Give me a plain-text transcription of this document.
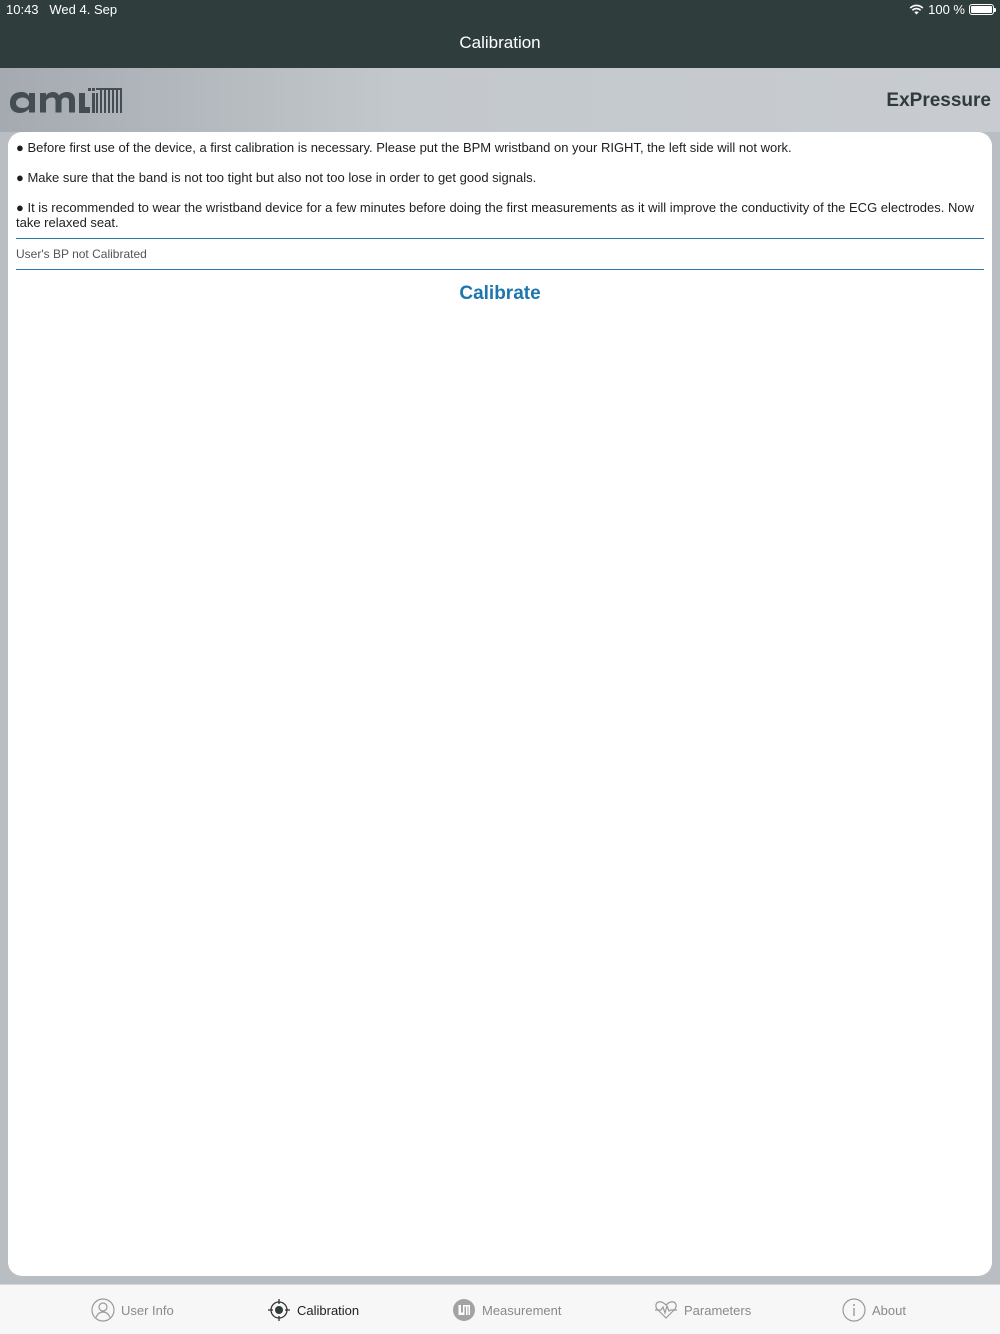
10:43 Wed 4. Sep	100 %
Calibration
ExPressure

● Before first use of the device, a first calibration is necessary. Please put the BPM wristband on your RIGHT, the left side will not work.

● Make sure that the band is not too tight but also not too lose in order to get good signals.

● It is recommended to wear the wristband device for a few minutes before doing the first measurements as it will improve the conductivity of the ECG electrodes. Now take relaxed seat.

User's BP not Calibrated
Calibrate
User Info	Calibration	Measurement	Parameters	About
